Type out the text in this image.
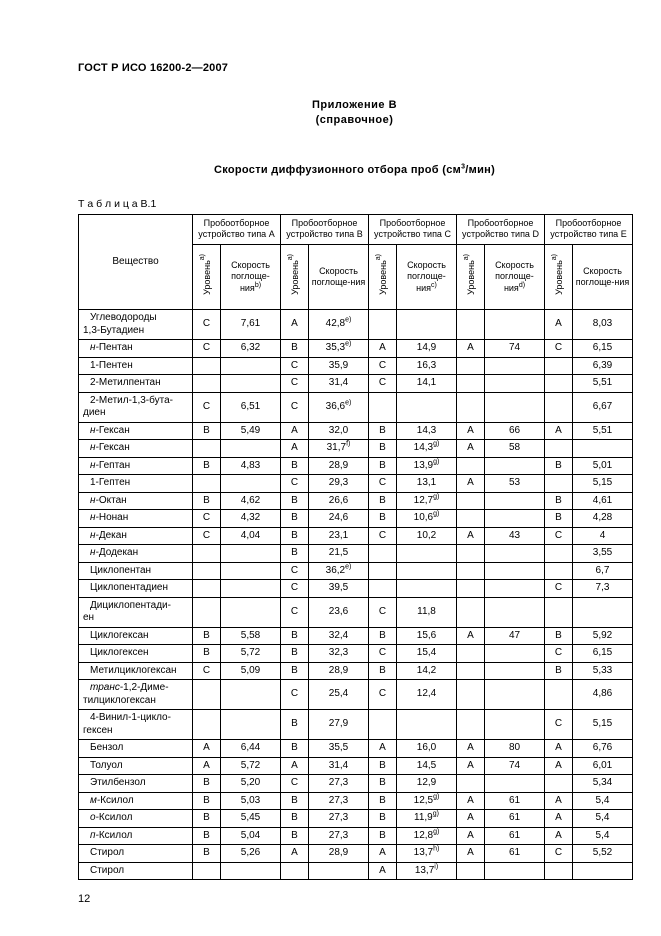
ГОСТ Р ИСО 16200-2—2007
Приложение В
(справочное)
Скорости диффузионного отбора проб $(см^3/мин)$
Т а б л и ц а В.1
Вещество	Пробоотборное устройство типа A		Пробоотборное устройство типа B		Пробоотборное устройство типа C		Пробоотборное устройство типа D		Пробоотборное устройство типа E	
	Уровень$^{a)}$	Скорость поглоще-ния$^{b)}$	Уровень$^{a)}$	Скорость поглоще-ния	Уровень$^{a)}$	Скорость поглоще-ния$^{c)}$	Уровень$^{a)}$	Скорость поглоще-ния$^{d)}$	Уровень$^{a)}$	Скорость поглоще-ния
Углеводороды
1,3-Бутадиен	C	7,61	A	42,8$^{e)}$					A	8,03
н-Пентан	C	6,32	B	35,3$^{e)}$	A	14,9	A	74	C	6,15
1-Пентен			C	35,9	C	16,3				6,39
2-Метилпентан			C	31,4	C	14,1				5,51
2-Метил-1,3-бута-
диен	C	6,51	C	36,6$^{e)}$						6,67
н-Гексан	B	5,49	A	32,0	B	14,3	A	66	A	5,51
н-Гексан			A	31,7$^{f)}$	B	14,3$^{g)}$	A	58		
н-Гептан	B	4,83	B	28,9	B	13,9$^{g)}$			B	5,01
1-Гептен			C	29,3	C	13,1	A	53		5,15
н-Октан	B	4,62	B	26,6	B	12,7$^{g)}$			B	4,61
н-Нонан	C	4,32	B	24,6	B	10,6$^{g)}$			B	4,28
н-Декан	C	4,04	B	23,1	C	10,2	A	43	C	4
н-Додекан			B	21,5						3,55
Циклопентан			C	36,2$^{e)}$						6,7
Циклопентадиен			C	39,5					C	7,3
Дициклопентади-
ен			C	23,6	C	11,8				
Циклогексан	B	5,58	B	32,4	B	15,6	A	47	B	5,92
Циклогексен	B	5,72	B	32,3	C	15,4			C	6,15
Метилциклогексан	C	5,09	B	28,9	B	14,2			B	5,33
транс-1,2-Диме-
тилциклогексан			C	25,4	C	12,4				4,86
4-Винил-1-цикло-
гексен			B	27,9					C	5,15
Бензол	A	6,44	B	35,5	A	16,0	A	80	A	6,76
Толуол	A	5,72	A	31,4	B	14,5	A	74	A	6,01
Этилбензол	B	5,20	C	27,3	B	12,9				5,34
м-Ксилол	B	5,03	B	27,3	B	12,5$^{g)}$	A	61	A	5,4
о-Ксилол	B	5,45	B	27,3	B	11,9$^{g)}$	A	61	A	5,4
п-Ксилол	B	5,04	B	27,3	B	12,8$^{g)}$	A	61	A	5,4
Стирол	B	5,26	A	28,9	A	13,7$^{h)}$	A	61	C	5,52
Стирол					A	13,7$^{i)}$				
12
